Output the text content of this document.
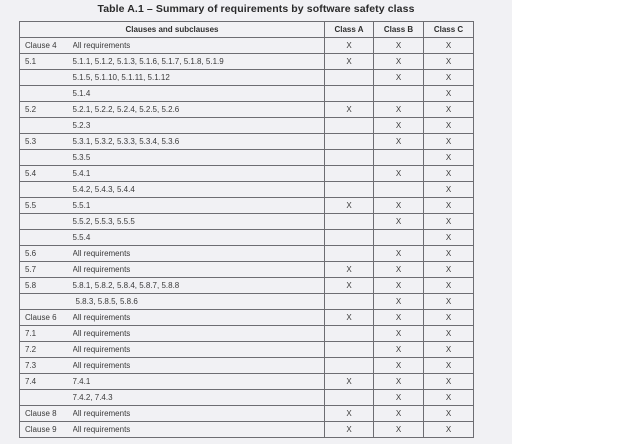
Table A.1 – Summary of requirements by software safety class
Clauses and subclauses		Class A	Class B	Class C
Clause 4	All requirements	X	X	X
5.1	5.1.1, 5.1.2, 5.1.3, 5.1.6, 5.1.7, 5.1.8, 5.1.9	X	X	X
	5.1.5, 5.1.10, 5.1.11, 5.1.12		X	X
	5.1.4			X
5.2	5.2.1, 5.2.2, 5.2.4, 5.2.5, 5.2.6	X	X	X
	5.2.3		X	X
5.3	5.3.1, 5.3.2, 5.3.3, 5.3.4, 5.3.6		X	X
	5.3.5			X
5.4	5.4.1		X	X
	5.4.2, 5.4.3, 5.4.4			X
5.5	5.5.1	X	X	X
	5.5.2, 5.5.3, 5.5.5		X	X
	5.5.4			X
5.6	All requirements		X	X
5.7	All requirements	X	X	X
5.8	5.8.1, 5.8.2, 5.8.4, 5.8.7, 5.8.8	X	X	X
	5.8.3, 5.8.5, 5.8.6		X	X
Clause 6	All requirements	X	X	X
7.1	All requirements		X	X
7.2	All requirements		X	X
7.3	All requirements		X	X
7.4	7.4.1	X	X	X
	7.4.2, 7.4.3		X	X
Clause 8	All requirements	X	X	X
Clause 9	All requirements	X	X	X
